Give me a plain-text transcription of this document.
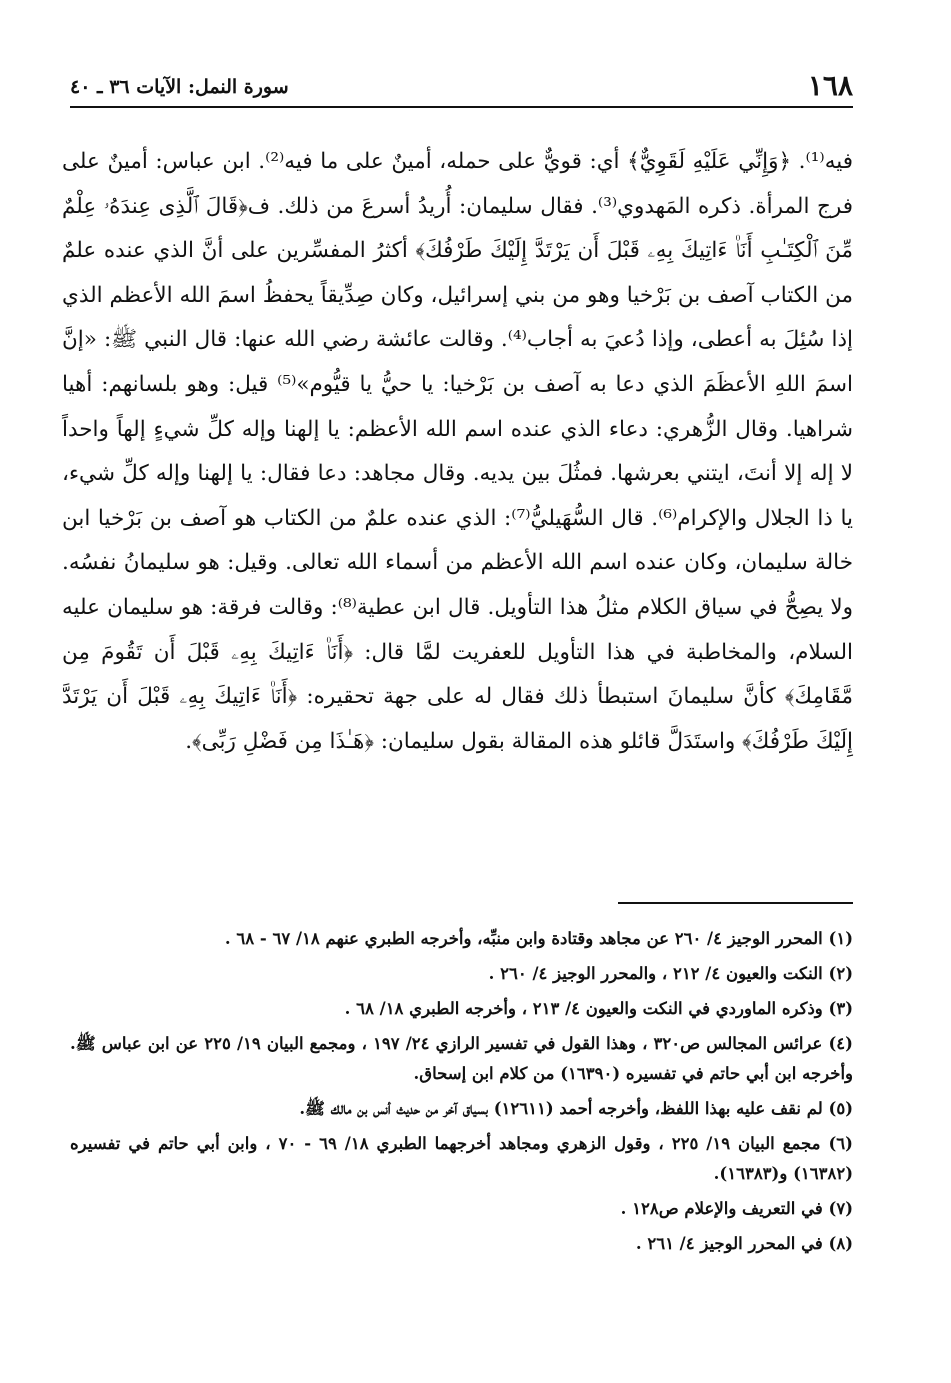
١٦٨
سورة النمل: الآيات ٣٦ ـ ٤٠

فيه⁽¹⁾. ﴿وَإِنِّي عَلَيْهِ لَقَوِيٌّ﴾ أي: قويٌّ على حمله، أمينٌ على ما فيه⁽²⁾. ابن عباس: أمينٌ على فرج المرأة. ذكره المَهدوي⁽³⁾. فقال سليمان: أُريدُ أسرعَ من ذلك. ف﴿قَالَ ٱلَّذِى عِندَهُۥ عِلْمٌ مِّنَ ٱلْكِتَـٰبِ أَنَا۠ ءَاتِيكَ بِهِۦ قَبْلَ أَن يَرْتَدَّ إِلَيْكَ طَرْفُكَ﴾ أكثرُ المفسِّرين على أنَّ الذي عنده علمٌ من الكتاب آصف بن بَرْخيا وهو من بني إسرائيل، وكان صِدِّيقاً يحفظُ اسمَ الله الأعظم الذي إذا سُئِلَ به أعطى، وإذا دُعيَ به أجاب⁽⁴⁾. وقالت عائشة رضي الله عنها: قال النبي ﷺ: «إنَّ اسمَ اللهِ الأعظَمَ الذي دعا به آصف بن بَرْخيا: يا حيُّ يا قيُّوم»⁽⁵⁾ قيل: وهو بلسانهم: أهيا شراهيا. وقال الزُّهري: دعاء الذي عنده اسم الله الأعظم: يا إلهنا وإله كلِّ شيءٍ إلهاً واحداً لا إله إلا أنتَ، ايتني بعرشها. فمثُلَ بين يديه. وقال مجاهد: دعا فقال: يا إلهنا وإله كلِّ شيء، يا ذا الجلال والإكرام⁽⁶⁾. قال السُّهَيليُّ⁽⁷⁾: الذي عنده علمٌ من الكتاب هو آصف بن بَرْخيا ابن خالة سليمان، وكان عنده اسم الله الأعظم من أسماء الله تعالى. وقيل: هو سليمانُ نفسُه. ولا يصِحُّ في سياق الكلام مثلُ هذا التأويل. قال ابن عطية⁽⁸⁾: وقالت فرقة: هو سليمان عليه السلام، والمخاطبة في هذا التأويل للعفريت لمَّا قال: ﴿أَنَا۠ ءَاتِيكَ بِهِۦ قَبْلَ أَن تَقُومَ مِن مَّقَامِكَ﴾ كأنَّ سليمانَ استبطأ ذلك فقال له على جهة تحقيره: ﴿أَنَا۠ ءَاتِيكَ بِهِۦ قَبْلَ أَن يَرْتَدَّ إِلَيْكَ طَرْفُكَ﴾ واستَدَلَّ قائلو هذه المقالة بقول سليمان: ﴿هَـٰذَا مِن فَضْلِ رَبِّى﴾.

(١) المحرر الوجيز ٤/ ٢٦٠ عن مجاهد وقتادة وابن منبِّه، وأخرجه الطبري عنهم ١٨/ ٦٧ - ٦٨ .

(٢) النكت والعيون ٤/ ٢١٢ ، والمحرر الوجيز ٤/ ٢٦٠ .

(٣) وذكره الماوردي في النكت والعيون ٤/ ٢١٣ ، وأخرجه الطبري ١٨/ ٦٨ .

(٤) عرائس المجالس ص٣٢٠ ، وهذا القول في تفسير الرازي ٢٤/ ١٩٧ ، ومجمع البيان ١٩/ ٢٢٥ عن ابن عباس ﷺ. وأخرجه ابن أبي حاتم في تفسيره (١٦٣٩٠) من كلام ابن إسحاق.

(٥) لم نقف عليه بهذا اللفظ، وأخرجه أحمد (١٢٦١١) بسياق آخر من حديث أنس بن مالك ﷺ.

(٦) مجمع البيان ١٩/ ٢٢٥ ، وقول الزهري ومجاهد أخرجهما الطبري ١٨/ ٦٩ - ٧٠ ، وابن أبي حاتم في تفسيره (١٦٣٨٢) و(١٦٣٨٣).

(٧) في التعريف والإعلام ص١٢٨ .

(٨) في المحرر الوجيز ٤/ ٢٦١ .
